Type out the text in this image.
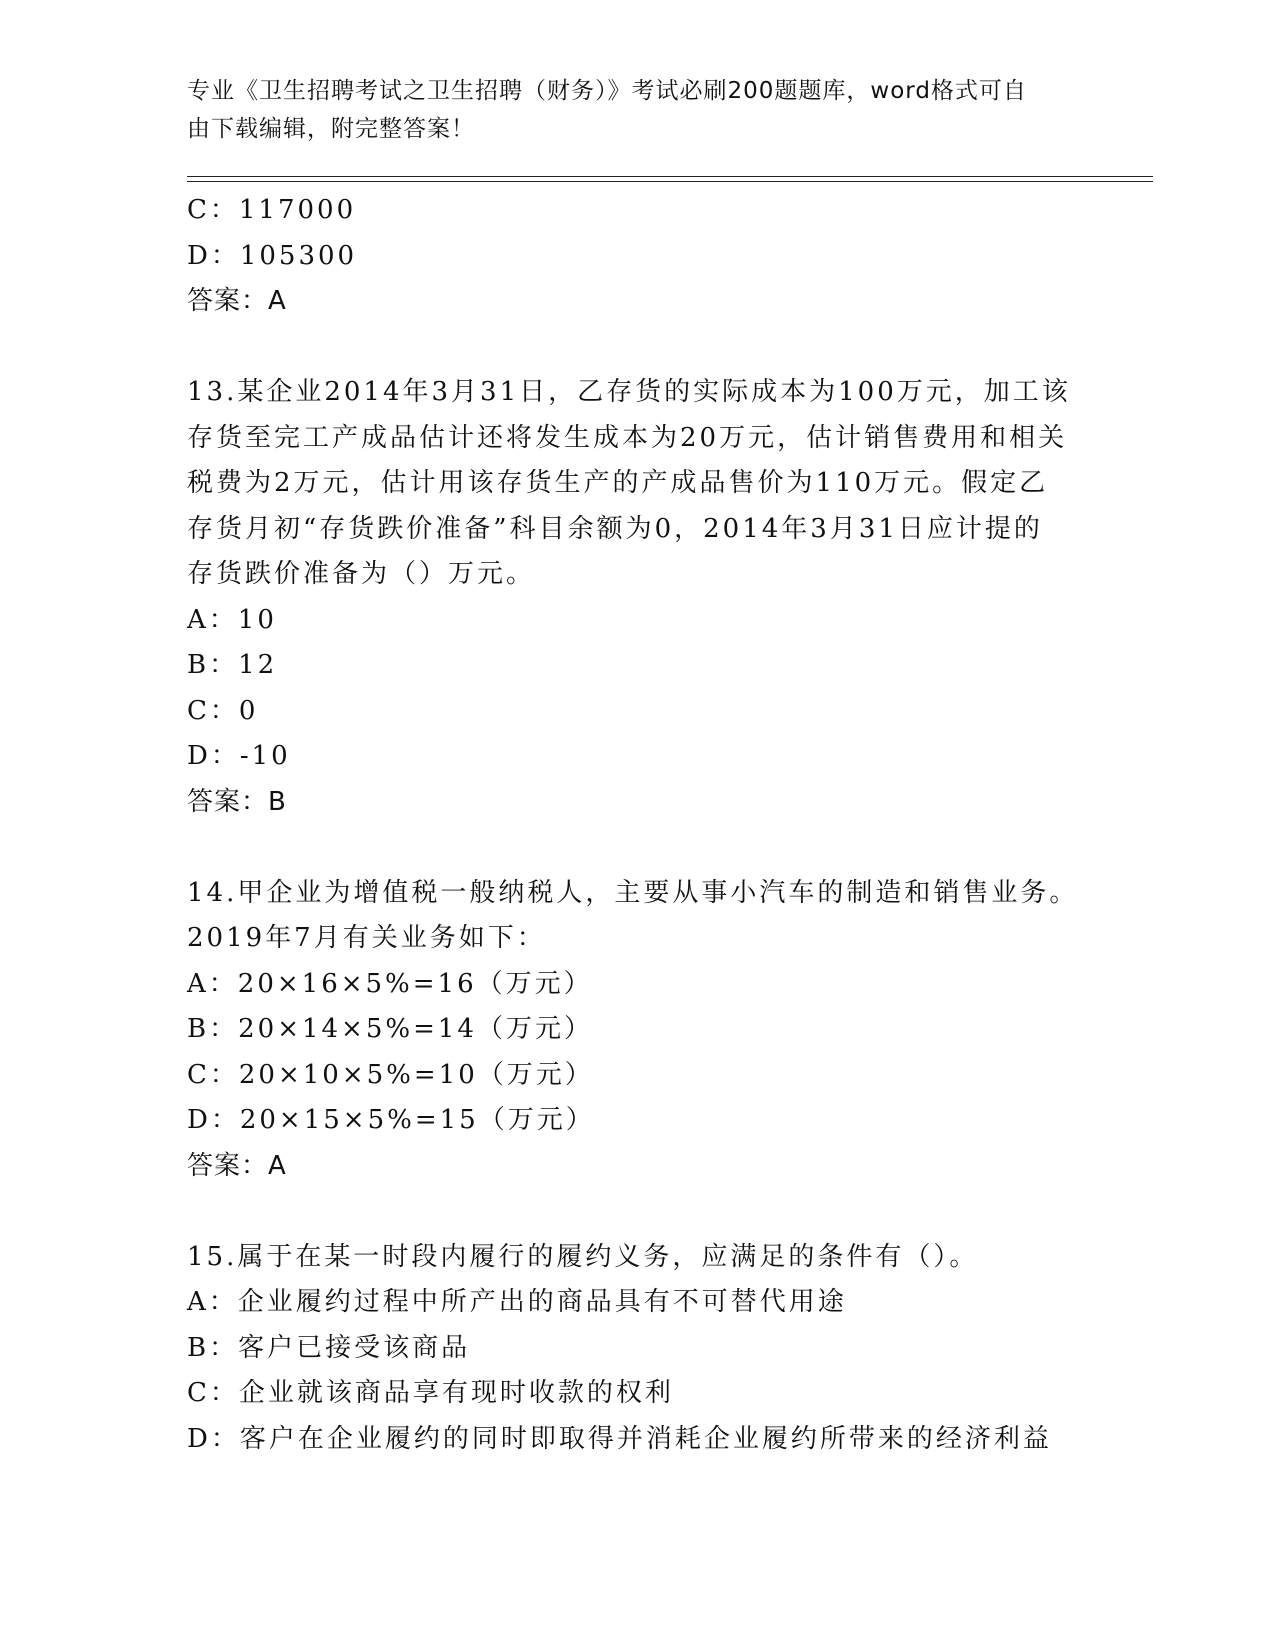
专业《卫生招聘考试之卫生招聘（财务）》考试必刷200题题库，word格式可自
由下载编辑，附完整答案！
C：117000
D：105300
答案：A
13.某企业2014年3月31日，乙存货的实际成本为100万元，加工该
存货至完工产成品估计还将发生成本为20万元，估计销售费用和相关
税费为2万元，估计用该存货生产的产成品售价为110万元。假定乙
存货月初“存货跌价准备”科目余额为0，2014年3月31日应计提的
存货跌价准备为（）万元。
A：10
B：12
C：0
D：-10
答案：B
14.甲企业为增值税一般纳税人，主要从事小汽车的制造和销售业务。
2019年7月有关业务如下：
A：20×16×5%=16（万元）
B：20×14×5%=14（万元）
C：20×10×5%=10（万元）
D：20×15×5%=15（万元）
答案：A
15.属于在某一时段内履行的履约义务，应满足的条件有（）。
A：企业履约过程中所产出的商品具有不可替代用途
B：客户已接受该商品
C：企业就该商品享有现时收款的权利
D：客户在企业履约的同时即取得并消耗企业履约所带来的经济利益
